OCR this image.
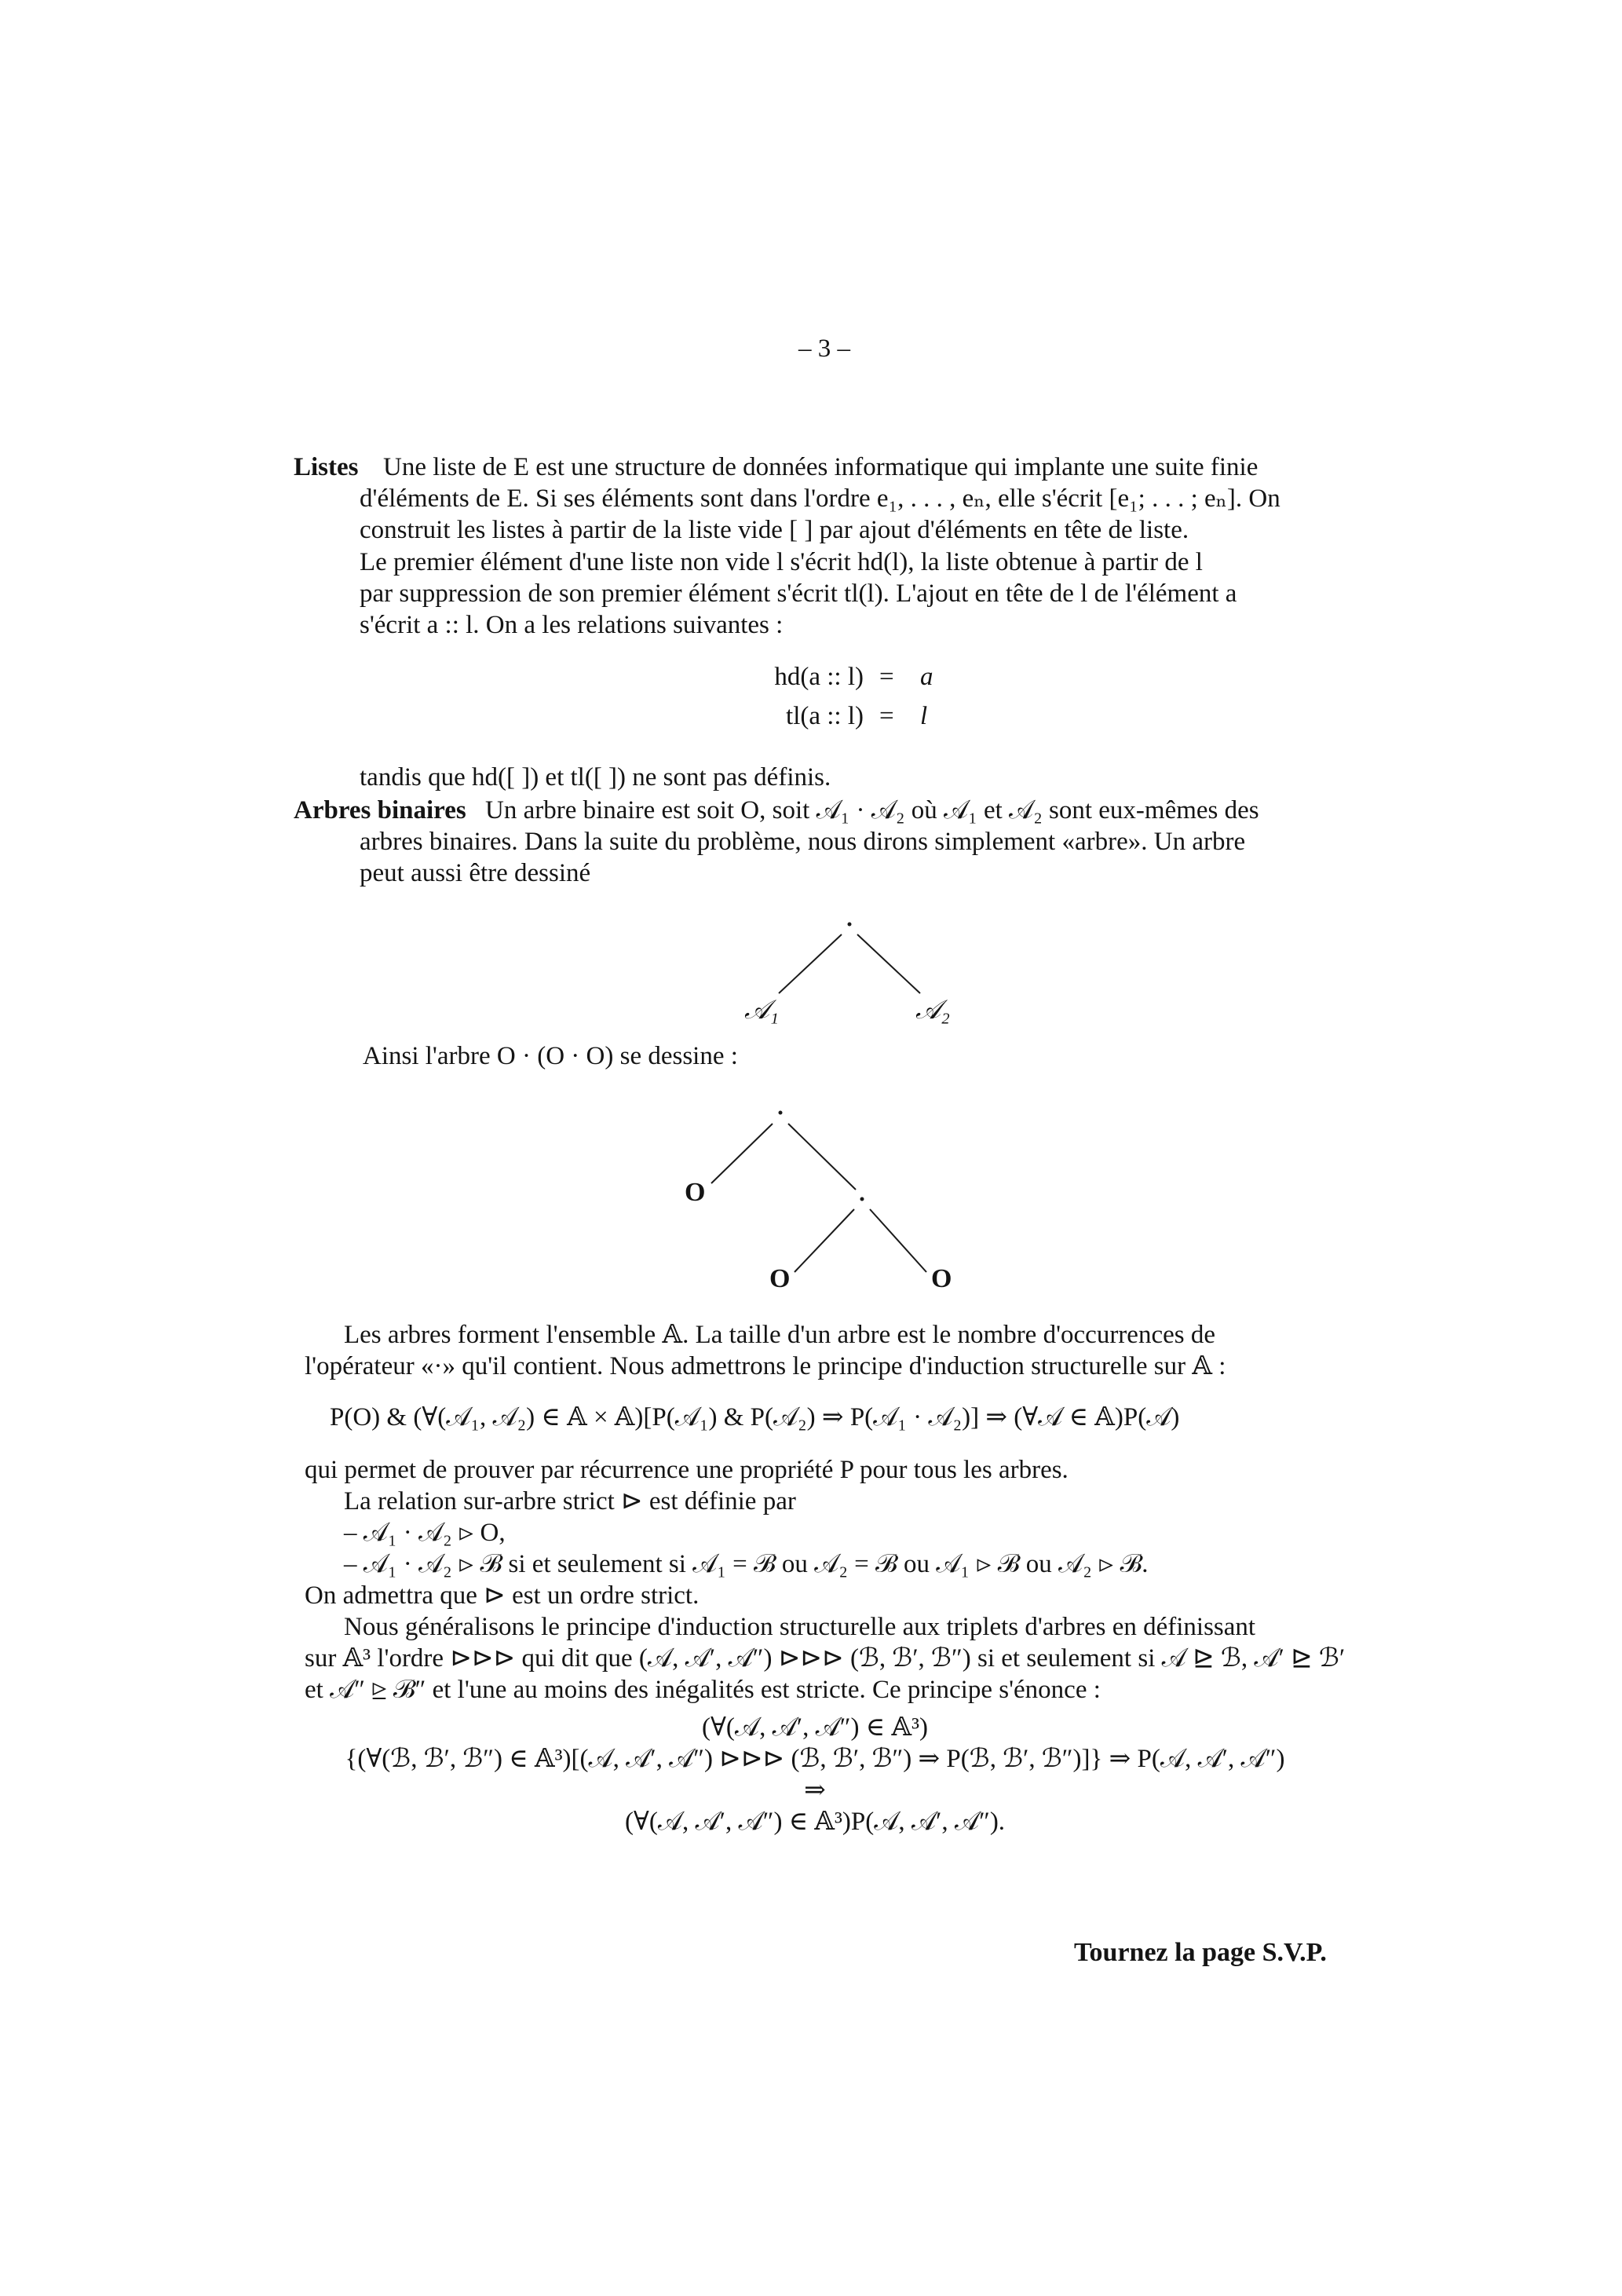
– 3 –
Listes Une liste de E est une structure de données informatique qui implante une suite finie
d'éléments de E. Si ses éléments sont dans l'ordre e₁, . . . , eₙ, elle s'écrit [e₁; . . . ; eₙ]. On
construit les listes à partir de la liste vide [ ] par ajout d'éléments en tête de liste.
Le premier élément d'une liste non vide l s'écrit hd(l), la liste obtenue à partir de l
par suppression de son premier élément s'écrit tl(l). L'ajout en tête de l de l'élément a
s'écrit a :: l. On a les relations suivantes :
hd(a :: l) = a
tl(a :: l) = l
tandis que hd([ ]) et tl([ ]) ne sont pas définis.
Arbres binaires Un arbre binaire est soit O, soit 𝒜₁ · 𝒜₂ où 𝒜₁ et 𝒜₂ sont eux-mêmes des
arbres binaires. Dans la suite du problème, nous dirons simplement «arbre». Un arbre
peut aussi être dessiné
𝒜₁	𝒜₂
Ainsi l'arbre O · (O · O) se dessine :
O
O	O
Les arbres forment l'ensemble 𝔸. La taille d'un arbre est le nombre d'occurrences de
l'opérateur «·» qu'il contient. Nous admettrons le principe d'induction structurelle sur 𝔸 :
P(O) & (∀(𝒜₁, 𝒜₂) ∈ 𝔸 × 𝔸)[P(𝒜₁) & P(𝒜₂) ⇒ P(𝒜₁ · 𝒜₂)] ⇒ (∀𝒜 ∈ 𝔸)P(𝒜)
qui permet de prouver par récurrence une propriété P pour tous les arbres.
La relation sur-arbre strict ⊳ est définie par
– 𝒜₁ · 𝒜₂ ⊳ O,
– 𝒜₁ · 𝒜₂ ⊳ ℬ si et seulement si 𝒜₁ = ℬ ou 𝒜₂ = ℬ ou 𝒜₁ ⊳ ℬ ou 𝒜₂ ⊳ ℬ.
On admettra que ⊳ est un ordre strict.
Nous généralisons le principe d'induction structurelle aux triplets d'arbres en définissant
sur 𝔸³ l'ordre ⊳⊳⊳ qui dit que (𝒜, 𝒜′, 𝒜″) ⊳⊳⊳ (ℬ, ℬ′, ℬ″) si et seulement si 𝒜 ⊵ ℬ, 𝒜′ ⊵ ℬ′
et 𝒜″ ⊵ ℬ″ et l'une au moins des inégalités est stricte. Ce principe s'énonce :
(∀(𝒜, 𝒜′, 𝒜″) ∈ 𝔸³)
{(∀(ℬ, ℬ′, ℬ″) ∈ 𝔸³)[(𝒜, 𝒜′, 𝒜″) ⊳⊳⊳ (ℬ, ℬ′, ℬ″) ⇒ P(ℬ, ℬ′, ℬ″)]} ⇒ P(𝒜, 𝒜′, 𝒜″)
⇒
(∀(𝒜, 𝒜′, 𝒜″) ∈ 𝔸³)P(𝒜, 𝒜′, 𝒜″).
Tournez la page S.V.P.
